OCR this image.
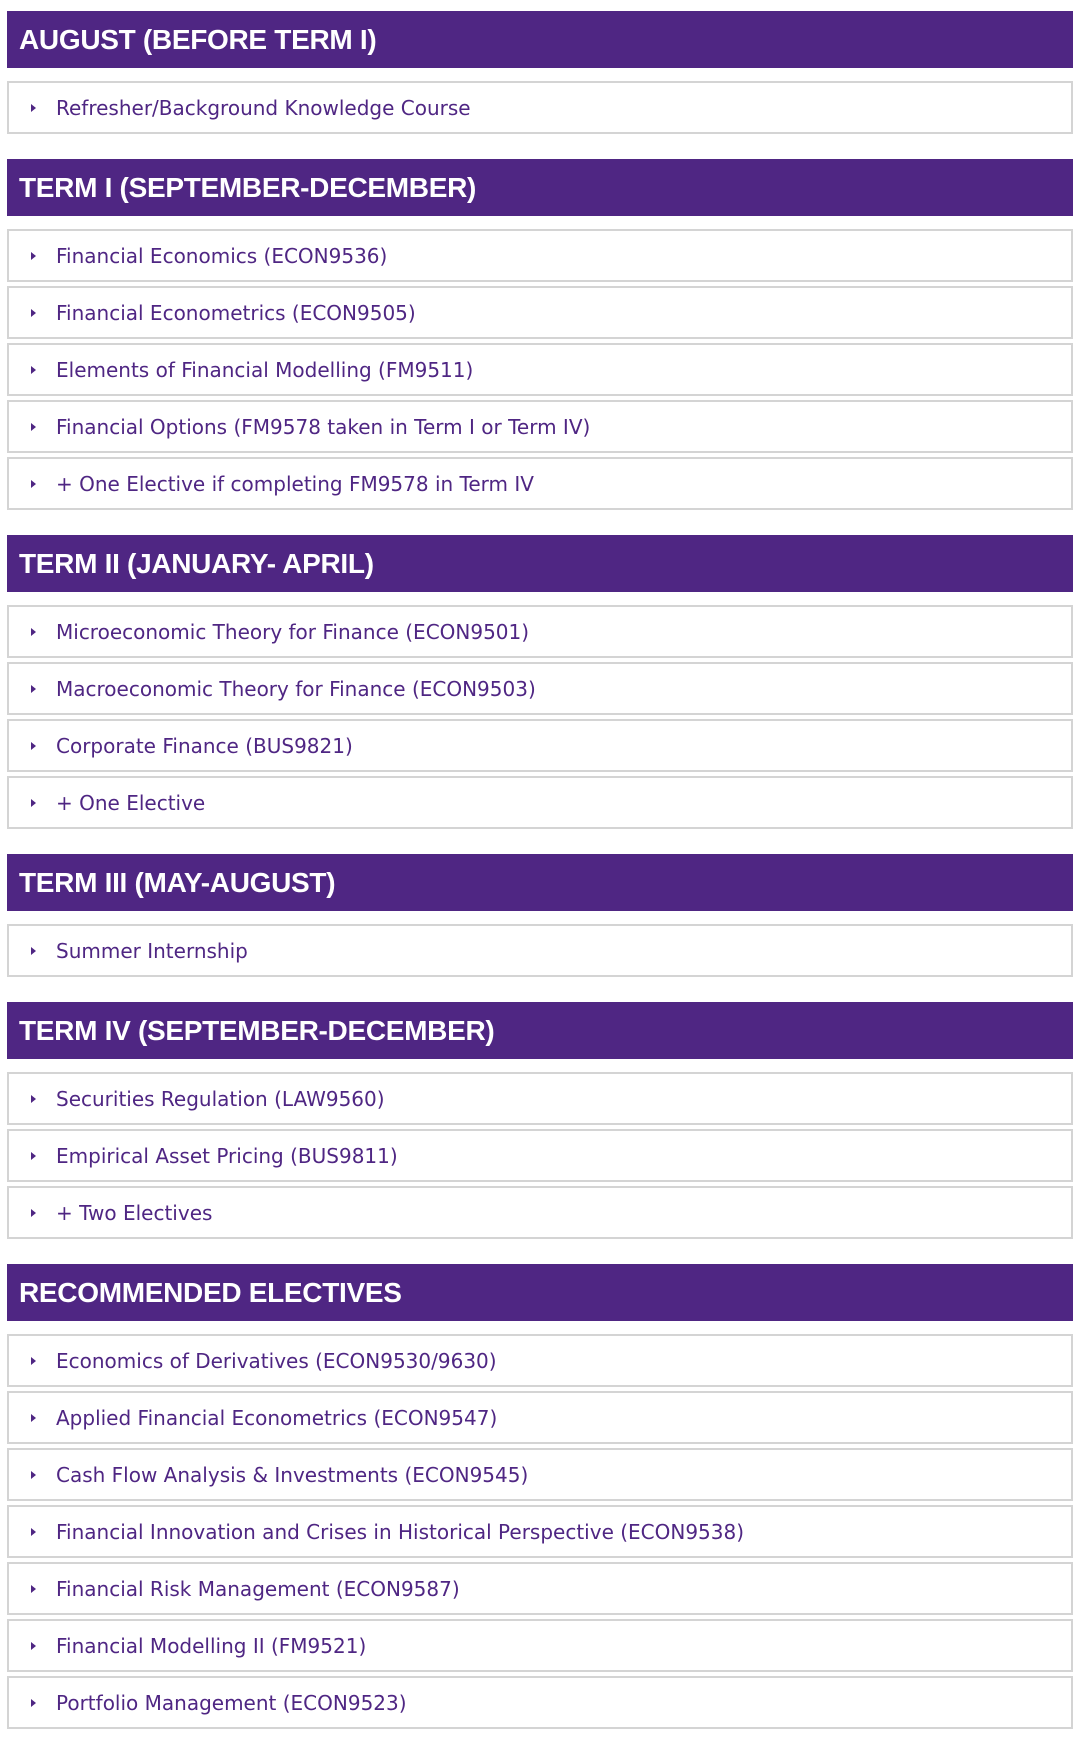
AUGUST (BEFORE TERM I)
Refresher/Background Knowledge Course
TERM I (SEPTEMBER-DECEMBER)
Financial Economics (ECON9536)
Financial Econometrics (ECON9505)
Elements of Financial Modelling (FM9511)
Financial Options (FM9578 taken in Term I or Term IV)
+ One Elective if completing FM9578 in Term IV
TERM II (JANUARY- APRIL)
Microeconomic Theory for Finance (ECON9501)
Macroeconomic Theory for Finance (ECON9503)
Corporate Finance (BUS9821)
+ One Elective
TERM III (MAY-AUGUST)
Summer Internship
TERM IV (SEPTEMBER-DECEMBER)
Securities Regulation (LAW9560)
Empirical Asset Pricing (BUS9811)
+ Two Electives
RECOMMENDED ELECTIVES
Economics of Derivatives (ECON9530/9630)
Applied Financial Econometrics (ECON9547)
Cash Flow Analysis & Investments (ECON9545)
Financial Innovation and Crises in Historical Perspective (ECON9538)
Financial Risk Management (ECON9587)
Financial Modelling II (FM9521)
Portfolio Management (ECON9523)
